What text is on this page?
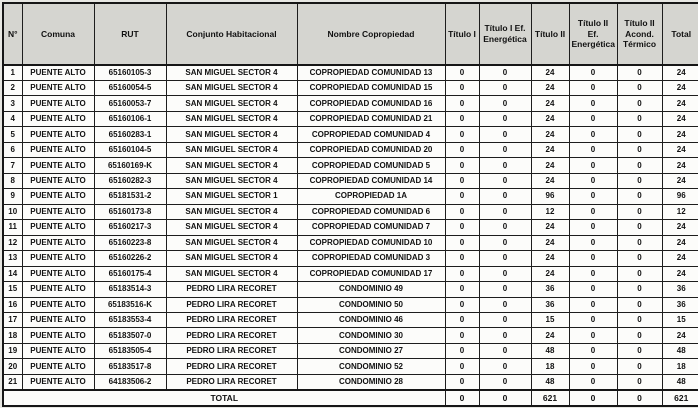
N°	Comuna	RUT	Conjunto Habitacional	Nombre Copropiedad	Título I	Título I Ef. Energética	Título II	Título II Ef. Energética	Título II Acond. Térmico	Total
1	PUENTE ALTO	65160105-3	SAN MIGUEL SECTOR 4	COPROPIEDAD COMUNIDAD 13	0	0	24	0	0	24
2	PUENTE ALTO	65160054-5	SAN MIGUEL SECTOR 4	COPROPIEDAD COMUNIDAD 15	0	0	24	0	0	24
3	PUENTE ALTO	65160053-7	SAN MIGUEL SECTOR 4	COPROPIEDAD COMUNIDAD 16	0	0	24	0	0	24
4	PUENTE ALTO	65160106-1	SAN MIGUEL SECTOR 4	COPROPIEDAD COMUNIDAD 21	0	0	24	0	0	24
5	PUENTE ALTO	65160283-1	SAN MIGUEL SECTOR 4	COPROPIEDAD COMUNIDAD 4	0	0	24	0	0	24
6	PUENTE ALTO	65160104-5	SAN MIGUEL SECTOR 4	COPROPIEDAD COMUNIDAD 20	0	0	24	0	0	24
7	PUENTE ALTO	65160169-K	SAN MIGUEL SECTOR 4	COPROPIEDAD COMUNIDAD 5	0	0	24	0	0	24
8	PUENTE ALTO	65160282-3	SAN MIGUEL SECTOR 4	COPROPIEDAD COMUNIDAD 14	0	0	24	0	0	24
9	PUENTE ALTO	65181531-2	SAN MIGUEL SECTOR 1	COPROPIEDAD 1A	0	0	96	0	0	96
10	PUENTE ALTO	65160173-8	SAN MIGUEL SECTOR 4	COPROPIEDAD COMUNIDAD 6	0	0	12	0	0	12
11	PUENTE ALTO	65160217-3	SAN MIGUEL SECTOR 4	COPROPIEDAD COMUNIDAD 7	0	0	24	0	0	24
12	PUENTE ALTO	65160223-8	SAN MIGUEL SECTOR 4	COPROPIEDAD COMUNIDAD 10	0	0	24	0	0	24
13	PUENTE ALTO	65160226-2	SAN MIGUEL SECTOR 4	COPROPIEDAD COMUNIDAD 3	0	0	24	0	0	24
14	PUENTE ALTO	65160175-4	SAN MIGUEL SECTOR 4	COPROPIEDAD COMUNIDAD 17	0	0	24	0	0	24
15	PUENTE ALTO	65183514-3	PEDRO LIRA RECORET	CONDOMINIO 49	0	0	36	0	0	36
16	PUENTE ALTO	65183516-K	PEDRO LIRA RECORET	CONDOMINIO 50	0	0	36	0	0	36
17	PUENTE ALTO	65183553-4	PEDRO LIRA RECORET	CONDOMINIO 46	0	0	15	0	0	15
18	PUENTE ALTO	65183507-0	PEDRO LIRA RECORET	CONDOMINIO 30	0	0	24	0	0	24
19	PUENTE ALTO	65183505-4	PEDRO LIRA RECORET	CONDOMINIO 27	0	0	48	0	0	48
20	PUENTE ALTO	65183517-8	PEDRO LIRA RECORET	CONDOMINIO 52	0	0	18	0	0	18
21	PUENTE ALTO	64183506-2	PEDRO LIRA RECORET	CONDOMINIO 28	0	0	48	0	0	48
TOTAL					0	0	621	0	0	621
